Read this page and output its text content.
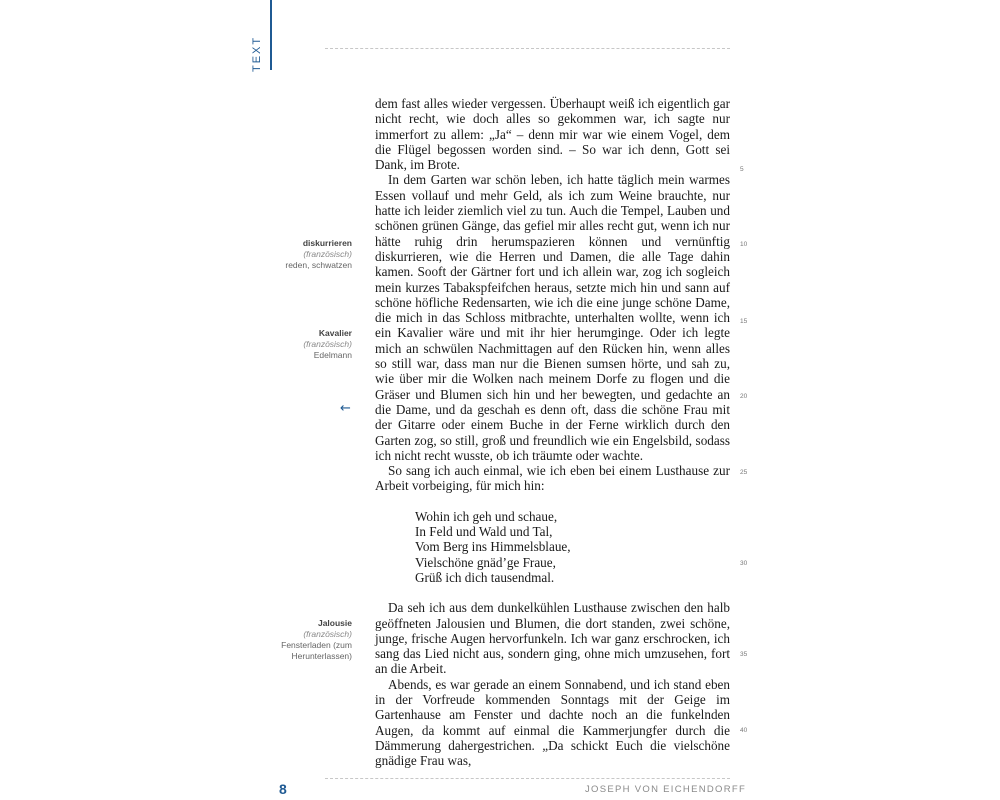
TEXT

dem fast alles wieder vergessen. Überhaupt weiß ich eigentlich gar nicht recht, wie doch alles so gekommen war, ich sagte nur immerfort zu allem: „Ja“ – denn mir war wie einem Vogel, dem die Flügel begossen worden sind. – So war ich denn, Gott sei Dank, im Brote.

In dem Garten war schön leben, ich hatte täglich mein warmes Essen vollauf und mehr Geld, als ich zum Weine brauchte, nur hatte ich leider ziemlich viel zu tun. Auch die Tempel, Lauben und schönen grünen Gänge, das gefiel mir alles recht gut, wenn ich nur hätte ruhig drin herumspazieren können und vernünftig diskurrieren, wie die Herren und Damen, die alle Tage dahin kamen. Sooft der Gärtner fort und ich allein war, zog ich sogleich mein kurzes Tabakspfeifchen heraus, setzte mich hin und sann auf schöne höfliche Redensarten, wie ich die eine junge schöne Dame, die mich in das Schloss mitbrachte, unterhalten wollte, wenn ich ein Kavalier wäre und mit ihr hier herumginge. Oder ich legte mich an schwülen Nachmittagen auf den Rücken hin, wenn alles so still war, dass man nur die Bienen sumsen hörte, und sah zu, wie über mir die Wolken nach meinem Dorfe zu flogen und die Gräser und Blumen sich hin und her bewegten, und gedachte an die Dame, und da geschah es denn oft, dass die schöne Frau mit der Gitarre oder einem Buche in der Ferne wirklich durch den Garten zog, so still, groß und freundlich wie ein Engelsbild, sodass ich nicht recht wusste, ob ich träumte oder wachte.

So sang ich auch einmal, wie ich eben bei einem Lusthause zur Arbeit vorbeiging, für mich hin:

Wohin ich geh und schaue,
In Feld und Wald und Tal,
Vom Berg ins Himmelsblaue,
Vielschöne gnäd’ge Fraue,
Grüß ich dich tausendmal.

Da seh ich aus dem dunkelkühlen Lusthause zwischen den halb geöffneten Jalousien und Blumen, die dort standen, zwei schöne, junge, frische Augen hervorfunkeln. Ich war ganz erschrocken, ich sang das Lied nicht aus, sondern ging, ohne mich umzusehen, fort an die Arbeit.

Abends, es war gerade an einem Sonnabend, und ich stand eben in der Vorfreude kommenden Sonntags mit der Geige im Gartenhause am Fenster und dachte noch an die funkelnden Augen, da kommt auf einmal die Kammerjungfer durch die Dämmerung dahergestrichen. „Da schickt Euch die vielschöne gnädige Frau was,

diskurrieren
(französisch)
reden, schwatzen
Kavalier
(französisch)
Edelmann
Jalousie
(französisch)
Fensterladen (zum Herunterlassen)
←
5
10
15
20
25
30
35
40
8	JOSEPH VON EICHENDORFF
